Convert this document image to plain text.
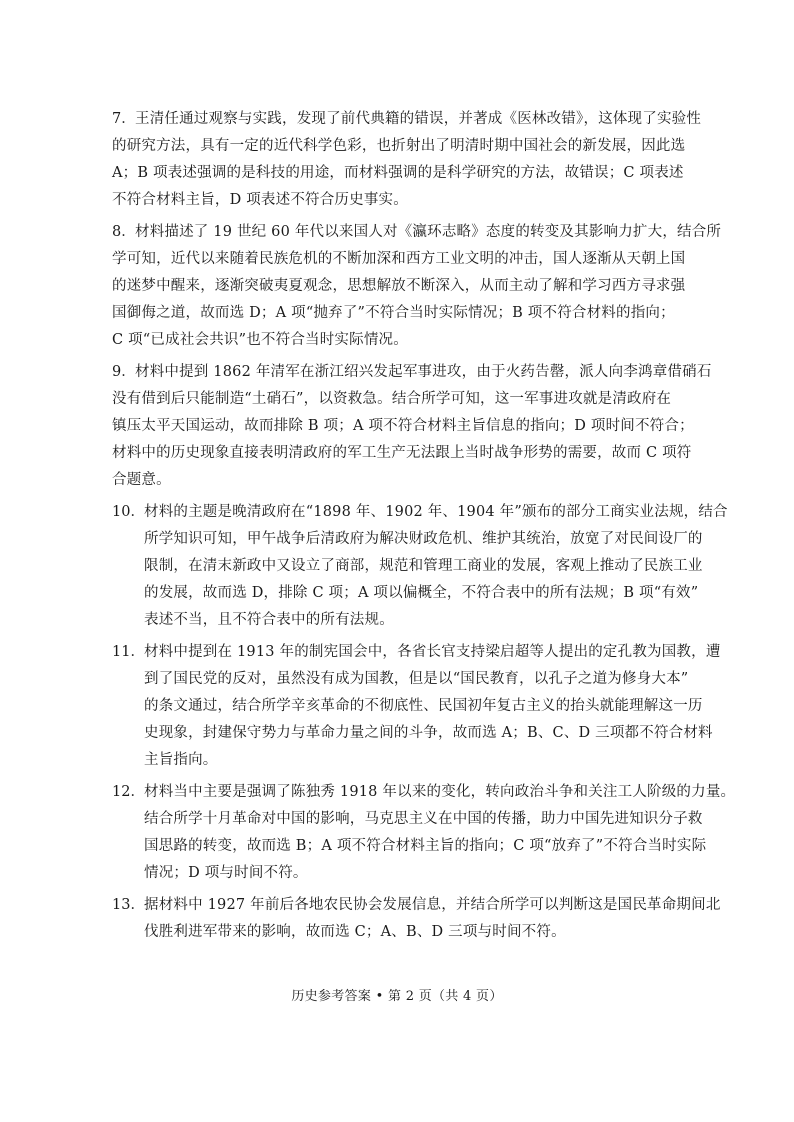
7． 王清任通过观察与实践，发现了前代典籍的错误，并著成《医林改错》，这体现了实验性
的研究方法，具有一定的近代科学色彩，也折射出了明清时期中国社会的新发展，因此选
A；B 项表述强调的是科技的用途，而材料强调的是科学研究的方法，故错误；C 项表述
不符合材料主旨，D 项表述不符合历史事实。
8． 材料描述了 19 世纪 60 年代以来国人对《瀛环志略》态度的转变及其影响力扩大，结合所
学可知，近代以来随着民族危机的不断加深和西方工业文明的冲击，国人逐渐从天朝上国
的迷梦中醒来，逐渐突破夷夏观念，思想解放不断深入，从而主动了解和学习西方寻求强
国御侮之道，故而选 D；A 项“抛弃了”不符合当时实际情况；B 项不符合材料的指向；
C 项“已成社会共识”也不符合当时实际情况。
9． 材料中提到 1862 年清军在浙江绍兴发起军事进攻，由于火药告罄，派人向李鸿章借硝石
没有借到后只能制造“土硝石”，以资救急。结合所学可知，这一军事进攻就是清政府在
镇压太平天国运动，故而排除 B 项；A 项不符合材料主旨信息的指向；D 项时间不符合；
材料中的历史现象直接表明清政府的军工生产无法跟上当时战争形势的需要，故而 C 项符
合题意。
10． 材料的主题是晚清政府在“1898 年、1902 年、1904 年”颁布的部分工商实业法规，结合
所学知识可知，甲午战争后清政府为解决财政危机、维护其统治，放宽了对民间设厂的
限制，在清末新政中又设立了商部，规范和管理工商业的发展，客观上推动了民族工业
的发展，故而选 D，排除 C 项；A 项以偏概全，不符合表中的所有法规；B 项“有效”
表述不当，且不符合表中的所有法规。
11． 材料中提到在 1913 年的制宪国会中，各省长官支持梁启超等人提出的定孔教为国教，遭
到了国民党的反对，虽然没有成为国教，但是以“国民教育，以孔子之道为修身大本”
的条文通过，结合所学辛亥革命的不彻底性、民国初年复古主义的抬头就能理解这一历
史现象，封建保守势力与革命力量之间的斗争，故而选 A；B、C、D 三项都不符合材料
主旨指向。
12． 材料当中主要是强调了陈独秀 1918 年以来的变化，转向政治斗争和关注工人阶级的力量。
结合所学十月革命对中国的影响，马克思主义在中国的传播，助力中国先进知识分子救
国思路的转变，故而选 B；A 项不符合材料主旨的指向；C 项“放弃了”不符合当时实际
情况；D 项与时间不符。
13． 据材料中 1927 年前后各地农民协会发展信息，并结合所学可以判断这是国民革命期间北
伐胜利进军带来的影响，故而选 C；A、B、D 三项与时间不符。
历史参考答案 • 第 2 页（共 4 页）
